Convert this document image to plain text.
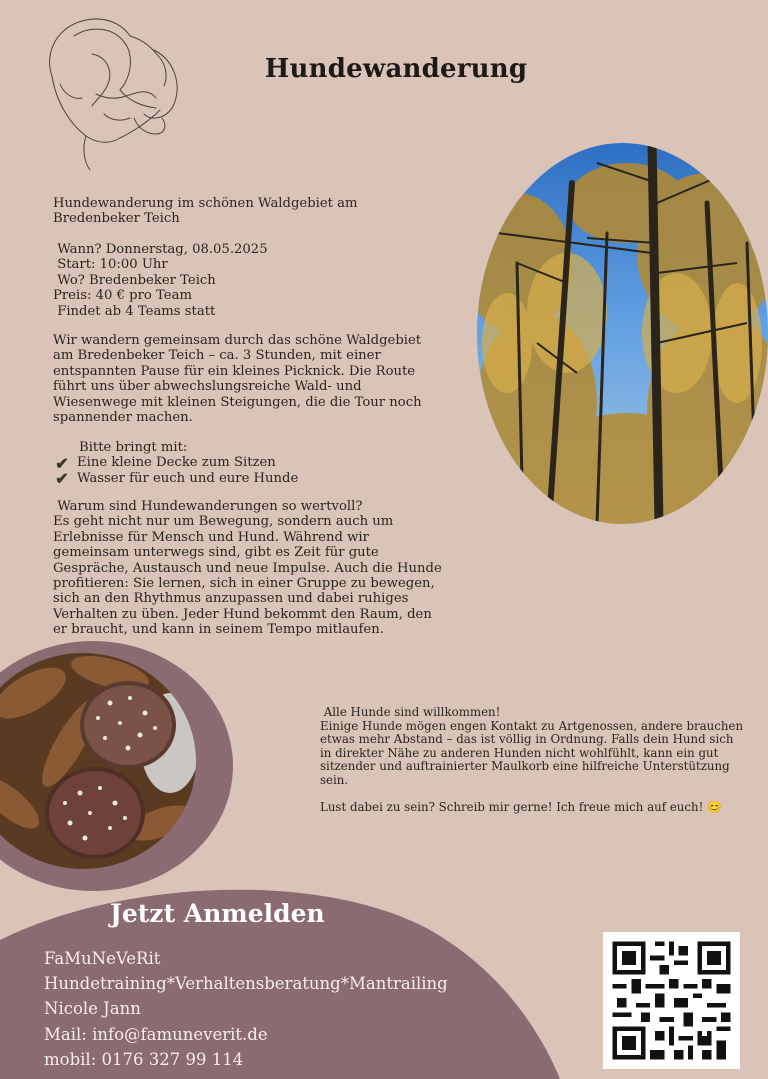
Hundewanderung
Hundewanderung im schönen Waldgebiet am
Bredenbeker Teich
Wann? Donnerstag, 08.05.2025
Start: 10:00 Uhr
Wo? Bredenbeker Teich
Preis: 40 € pro Team
Findet ab 4 Teams statt
Wir wandern gemeinsam durch das schöne Waldgebiet
am Bredenbeker Teich – ca. 3 Stunden, mit einer
entspannten Pause für ein kleines Picknick. Die Route
führt uns über abwechslungsreiche Wald- und
Wiesenwege mit kleinen Steigungen, die die Tour noch
spannender machen.
Bitte bringt mit:
✔ Eine kleine Decke zum Sitzen
✔ Wasser für euch und eure Hunde
Warum sind Hundewanderungen so wertvoll?
Es geht nicht nur um Bewegung, sondern auch um
Erlebnisse für Mensch und Hund. Während wir
gemeinsam unterwegs sind, gibt es Zeit für gute
Gespräche, Austausch und neue Impulse. Auch die Hunde
profitieren: Sie lernen, sich in einer Gruppe zu bewegen,
sich an den Rhythmus anzupassen und dabei ruhiges
Verhalten zu üben. Jeder Hund bekommt den Raum, den
er braucht, und kann in seinem Tempo mitlaufen.
Alle Hunde sind willkommen!
Einige Hunde mögen engen Kontakt zu Artgenossen, andere brauchen
etwas mehr Abstand – das ist völlig in Ordnung. Falls dein Hund sich
in direkter Nähe zu anderen Hunden nicht wohlfühlt, kann ein gut
sitzender und auftrainierter Maulkorb eine hilfreiche Unterstützung
sein.
Lust dabei zu sein? Schreib mir gerne! Ich freue mich auf euch! 😊
Jetzt Anmelden
FaMuNeVeRit
Hundetraining*Verhaltensberatung*Mantrailing
Nicole Jann
Mail: info@famuneverit.de
mobil: 0176 327 99 114
